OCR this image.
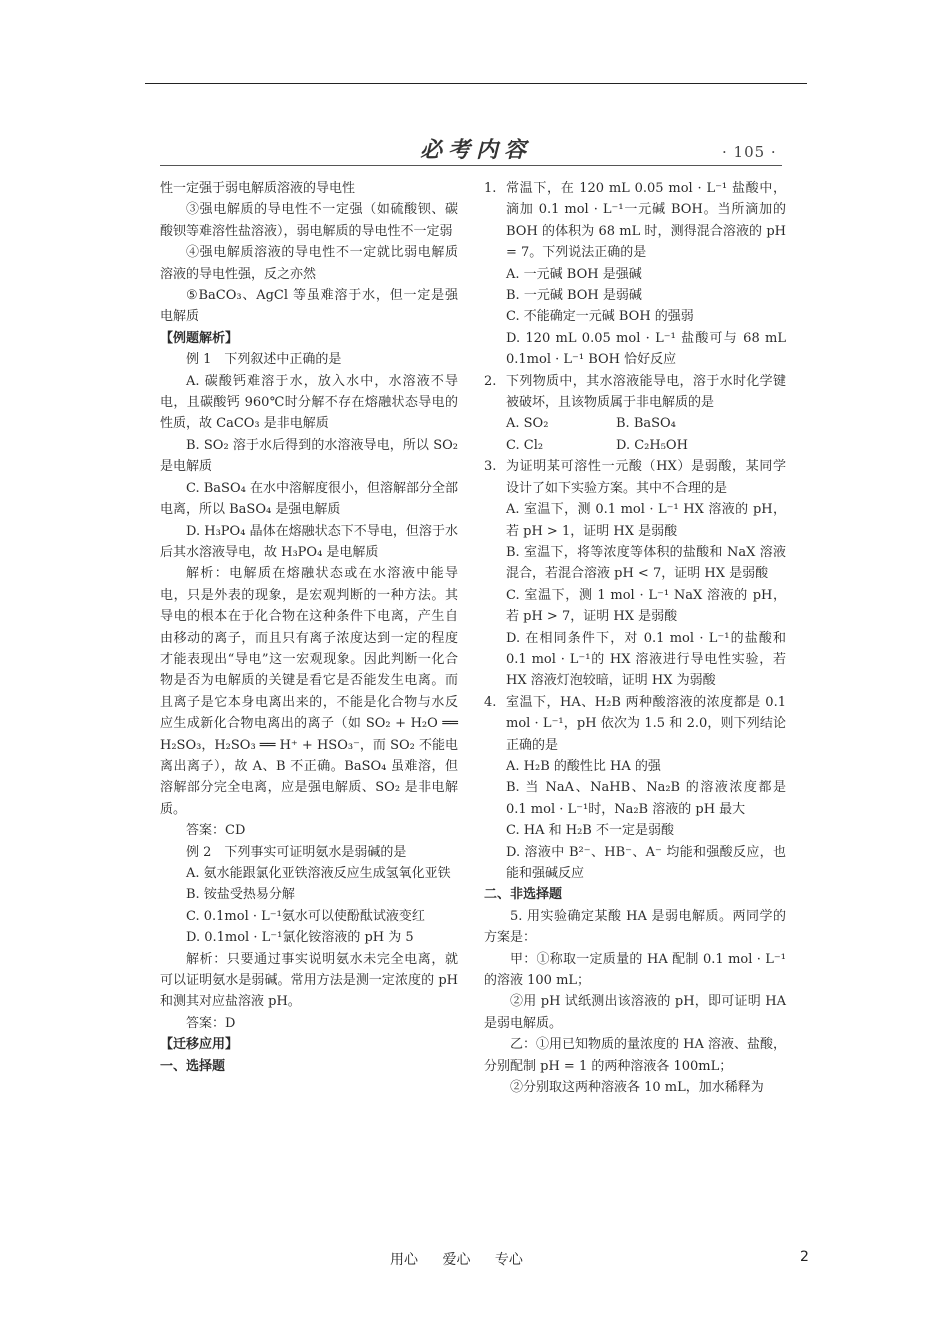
必考内容	· 105 ·

性一定强于弱电解质溶液的导电性

③强电解质的导电性不一定强（如硫酸钡、碳酸钡等难溶性盐溶液），弱电解质的导电性不一定弱

④强电解质溶液的导电性不一定就比弱电解质溶液的导电性强，反之亦然

⑤BaCO₃、AgCl 等虽难溶于水，但一定是强电解质

【例题解析】

例 1　下列叙述中正确的是

A. 碳酸钙难溶于水，放入水中，水溶液不导电，且碳酸钙 960℃时分解不存在熔融状态导电的性质，故 CaCO₃ 是非电解质

B. SO₂ 溶于水后得到的水溶液导电，所以 SO₂ 是电解质

C. BaSO₄ 在水中溶解度很小，但溶解部分全部电离，所以 BaSO₄ 是强电解质

D. H₃PO₄ 晶体在熔融状态下不导电，但溶于水后其水溶液导电，故 H₃PO₄ 是电解质

解析：电解质在熔融状态或在水溶液中能导电，只是外表的现象，是宏观判断的一种方法。其导电的根本在于化合物在这种条件下电离，产生自由移动的离子，而且只有离子浓度达到一定的程度才能表现出“导电”这一宏观现象。因此判断一化合物是否为电解质的关键是看它是否能发生电离。而且离子是它本身电离出来的，不能是化合物与水反应生成新化合物电离出的离子（如 SO₂ + H₂O ══ H₂SO₃，H₂SO₃ ══ H⁺ + HSO₃⁻，而 SO₂ 不能电离出离子），故 A、B 不正确。BaSO₄ 虽难溶，但溶解部分完全电离，应是强电解质、SO₂ 是非电解质。

答案：CD

例 2　下列事实可证明氨水是弱碱的是

A. 氨水能跟氯化亚铁溶液反应生成氢氧化亚铁

B. 铵盐受热易分解

C. 0.1mol · L⁻¹氨水可以使酚酞试液变红

D. 0.1mol · L⁻¹氯化铵溶液的 pH 为 5

解析：只要通过事实说明氨水未完全电离，就可以证明氨水是弱碱。常用方法是测一定浓度的 pH 和测其对应盐溶液 pH。

答案：D

【迁移应用】

一、选择题

1. 常温下，在 120 mL 0.05 mol · L⁻¹ 盐酸中，滴加 0.1 mol · L⁻¹一元碱 BOH。当所滴加的 BOH 的体积为 68 mL 时，测得混合溶液的 pH = 7。下列说法正确的是

A. 一元碱 BOH 是强碱

B. 一元碱 BOH 是弱碱

C. 不能确定一元碱 BOH 的强弱

D. 120 mL 0.05 mol · L⁻¹ 盐酸可与 68 mL 0.1mol · L⁻¹ BOH 恰好反应

2. 下列物质中，其水溶液能导电，溶于水时化学键被破坏，且该物质属于非电解质的是

A. SO₂	B. BaSO₄
C. Cl₂	D. C₂H₅OH
3. 为证明某可溶性一元酸（HX）是弱酸，某同学设计了如下实验方案。其中不合理的是

A. 室温下，测 0.1 mol · L⁻¹ HX 溶液的 pH，若 pH > 1，证明 HX 是弱酸

B. 室温下，将等浓度等体积的盐酸和 NaX 溶液混合，若混合溶液 pH < 7，证明 HX 是弱酸

C. 室温下，测 1 mol · L⁻¹ NaX 溶液的 pH，若 pH > 7，证明 HX 是弱酸

D. 在相同条件下，对 0.1 mol · L⁻¹的盐酸和 0.1 mol · L⁻¹的 HX 溶液进行导电性实验，若 HX 溶液灯泡较暗，证明 HX 为弱酸

4. 室温下，HA、H₂B 两种酸溶液的浓度都是 0.1 mol · L⁻¹，pH 依次为 1.5 和 2.0，则下列结论正确的是

A. H₂B 的酸性比 HA 的强

B. 当 NaA、NaHB、Na₂B 的溶液浓度都是 0.1 mol · L⁻¹时，Na₂B 溶液的 pH 最大

C. HA 和 H₂B 不一定是弱酸

D. 溶液中 B²⁻、HB⁻、A⁻ 均能和强酸反应，也能和强碱反应

二、非选择题

5. 用实验确定某酸 HA 是弱电解质。两同学的方案是：

甲：①称取一定质量的 HA 配制 0.1 mol · L⁻¹的溶液 100 mL；

②用 pH 试纸测出该溶液的 pH，即可证明 HA 是弱电解质。

乙：①用已知物质的量浓度的 HA 溶液、盐酸，分别配制 pH = 1 的两种溶液各 100mL；

②分别取这两种溶液各 10 mL，加水稀释为

用心 爱心 专心	2
